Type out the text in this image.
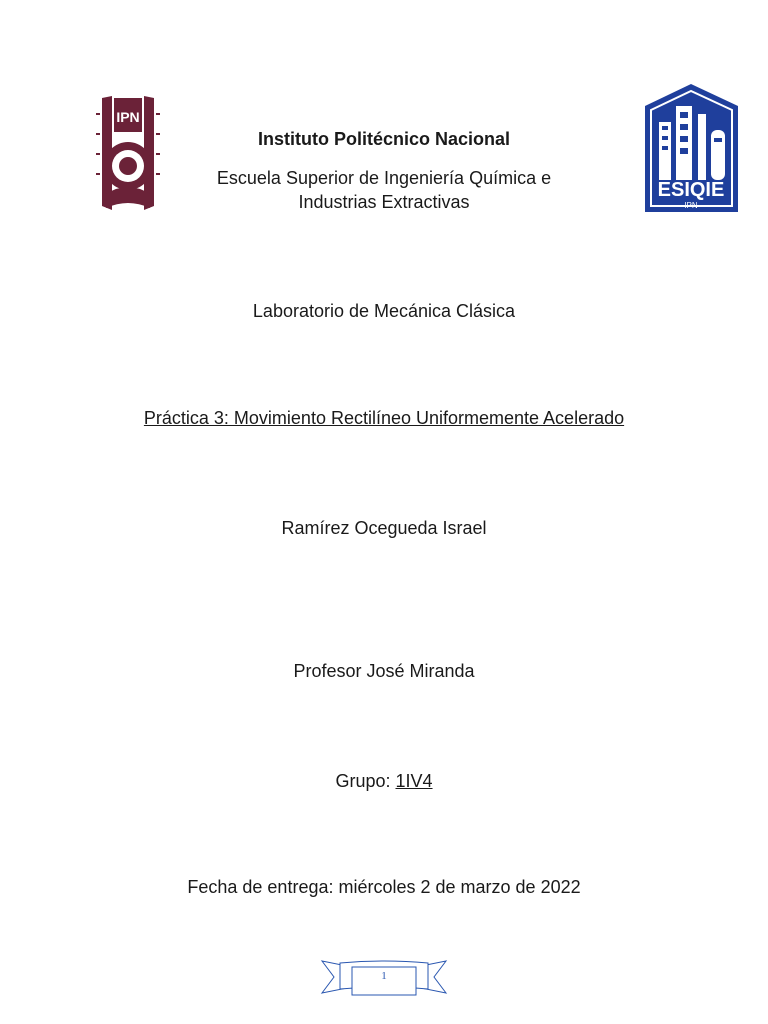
IPN
ESIQIE
IPN
Instituto Politécnico Nacional
Escuela Superior de Ingeniería Química e Industrias Extractivas
Laboratorio de Mecánica Clásica
Práctica 3: Movimiento Rectilíneo Uniformemente Acelerado
Ramírez Ocegueda Israel
Profesor José Miranda
Grupo: 1IV4
Fecha de entrega: miércoles 2 de marzo de 2022
1
